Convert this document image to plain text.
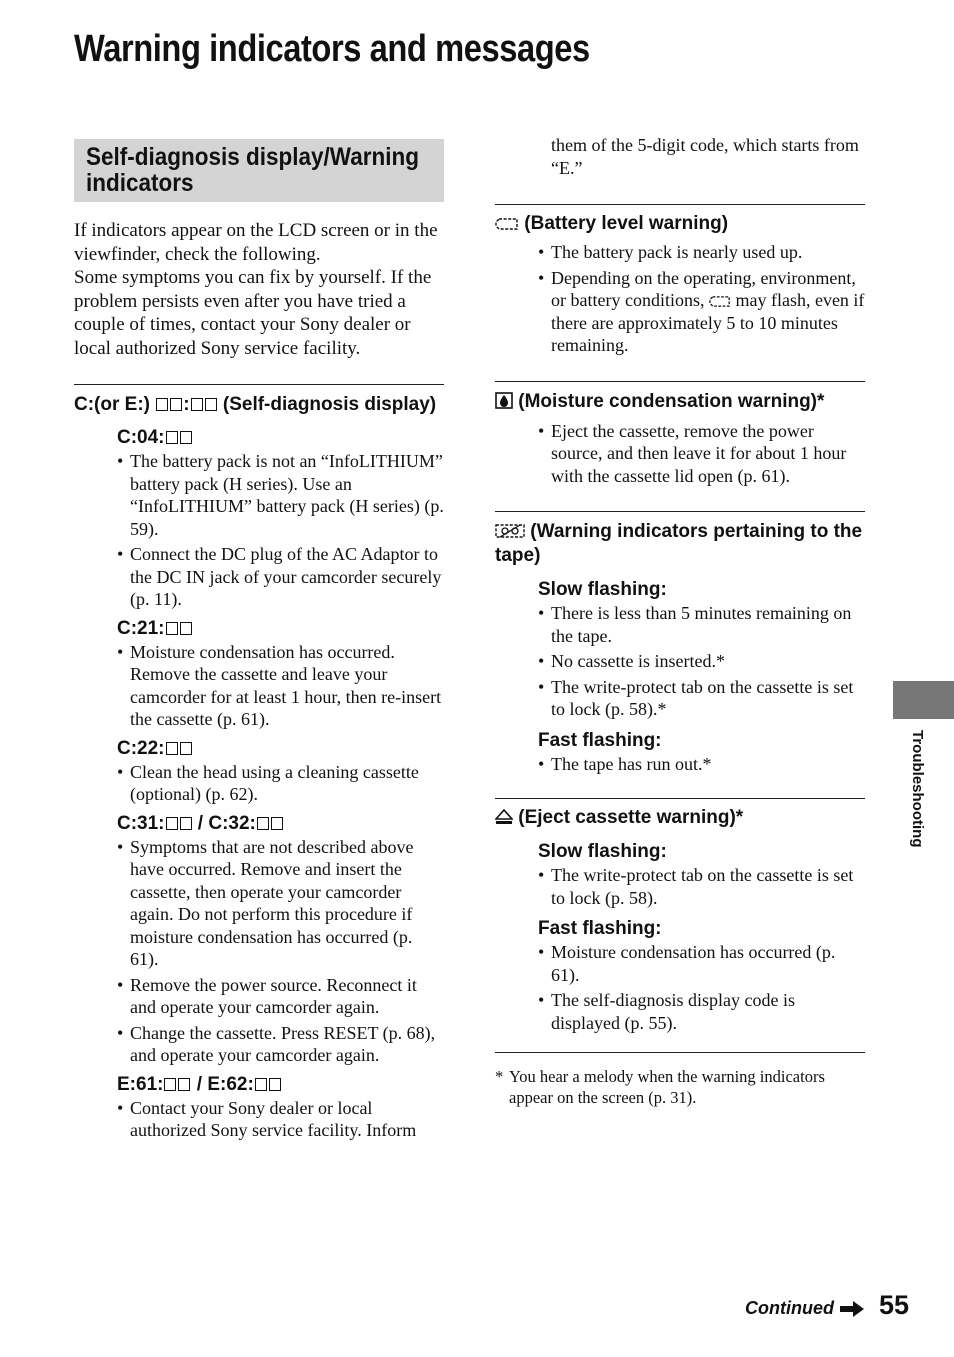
Warning indicators and messages
Self-diagnosis display/Warning indicators

If indicators appear on the LCD screen or in the viewfinder, check the following.

Some symptoms you can fix by yourself. If the problem persists even after you have tried a couple of times, contact your Sony dealer or local authorized Sony service facility.

C:(or E:) : (Self-diagnosis display)
C:04:
• The battery pack is not an “InfoLITHIUM” battery pack (H series). Use an “InfoLITHIUM” battery pack (H series) (p. 59).
• Connect the DC plug of the AC Adaptor to the DC IN jack of your camcorder securely (p. 11).
C:21:
• Moisture condensation has occurred. Remove the cassette and leave your camcorder for at least 1 hour, then re-insert the cassette (p. 61).
C:22:
• Clean the head using a cleaning cassette (optional) (p. 62).
C:31: / C:32:
• Symptoms that are not described above have occurred. Remove and insert the cassette, then operate your camcorder again. Do not perform this procedure if moisture condensation has occurred (p. 61).
• Remove the power source. Reconnect it and operate your camcorder again.
• Change the cassette. Press RESET (p. 68), and operate your camcorder again.
E:61: / E:62:
• Contact your Sony dealer or local authorized Sony service facility. Inform

them of the 5-digit code, which starts from “E.”

(Battery level warning)
• The battery pack is nearly used up.
• Depending on the operating, environment, or battery conditions,  may flash, even if there are approximately 5 to 10 minutes remaining.
(Moisture condensation warning)*
• Eject the cassette, remove the power source, and then leave it for about 1 hour with the cassette lid open (p. 61).
(Warning indicators pertaining to the tape)
Slow flashing:
• There is less than 5 minutes remaining on the tape.
• No cassette is inserted.*
• The write-protect tab on the cassette is set to lock (p. 58).*
Fast flashing:
• The tape has run out.*
(Eject cassette warning)*
Slow flashing:
• The write-protect tab on the cassette is set to lock (p. 58).
Fast flashing:
• Moisture condensation has occurred (p. 61).
• The self-diagnosis display code is displayed (p. 55).
* You hear a melody when the warning indicators appear on the screen (p. 31).
Troubleshooting
Continued 55
